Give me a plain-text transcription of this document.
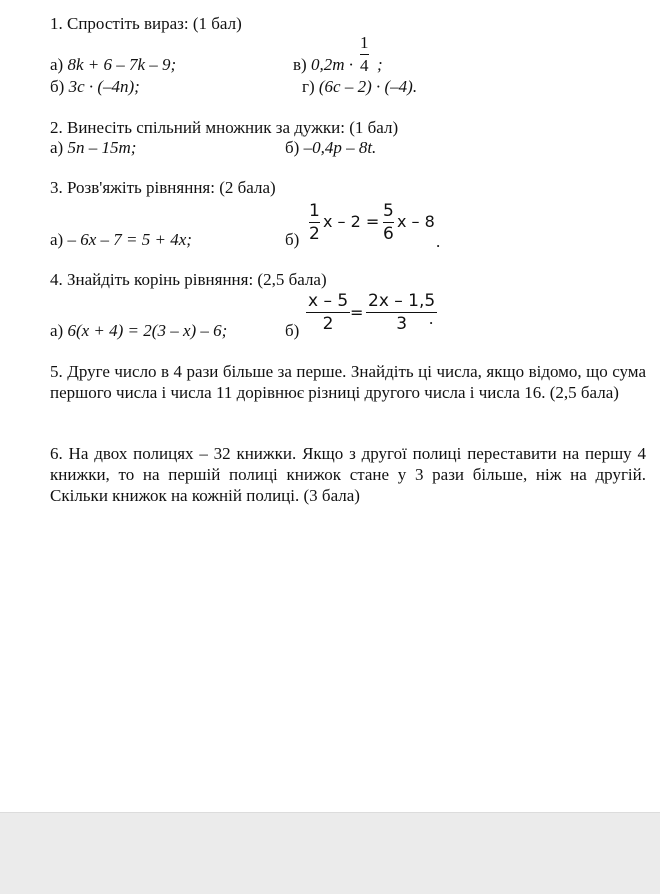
1. Спростіть вираз: (1 бал)
а) 8k + 6 – 7k – 9;
б) 3c · (–4n);
в) 0,2m ·
1
4 ;
г) (6c – 2) · (–4).
2. Винесіть спільний множник за дужки: (1 бал)
а) 5n – 15m;	б) –0,4p – 8t.
3. Розв'яжіть рівняння: (2 бала)
а) – 6x – 7 = 5 + 4x;	б)
1
2
x – 2 =
5
6
x – 8
.
4. Знайдіть корінь рівняння: (2,5 бала)
а) 6(x + 4) = 2(3 – x) – 6;	б)
x – 5
2
=
2x – 1,5
3 .
5. Друге число в 4 рази більше за перше. Знайдіть ці числа, якщо відомо, що сума першого числа і числа 11 дорівнює різниці другого числа і числа 16. (2,5 бала)
6. На двох полицях – 32 книжки. Якщо з другої полиці переставити на першу 4 книжки, то на першій полиці книжок стане у 3 рази більше, ніж на другій. Скільки книжок на кожній полиці. (3 бала)
